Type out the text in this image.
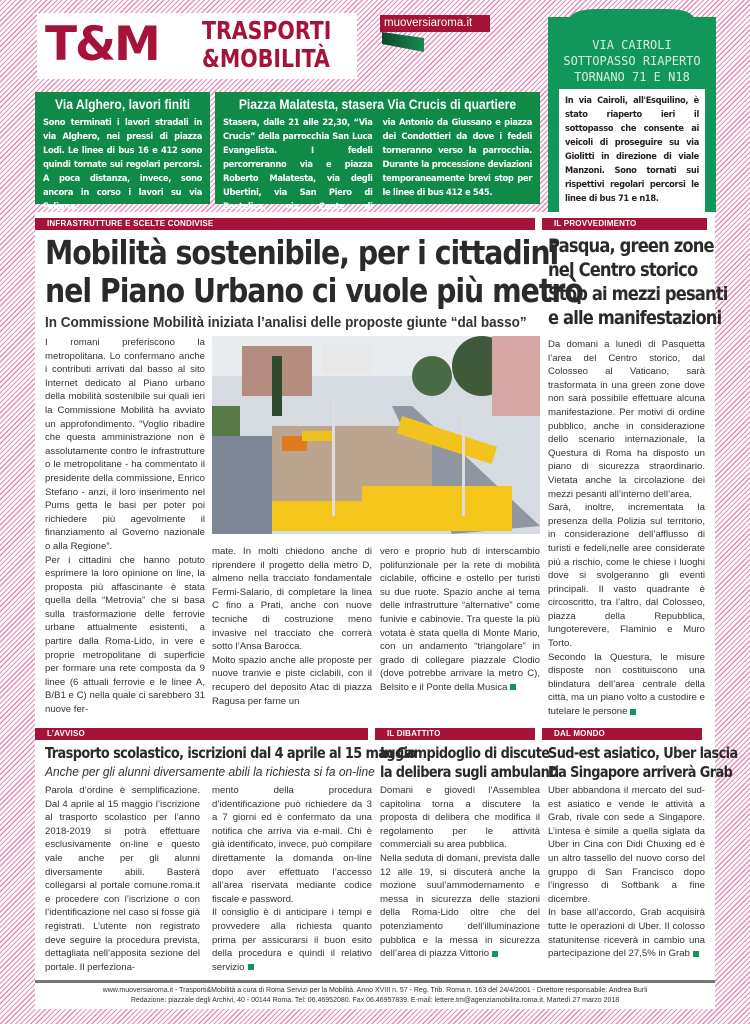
T&M TRASPORTI
&MOBILITÀ
muoversiaroma.it
VIA CAIROLI
SOTTOPASSO RIAPERTO
TORNANO 71 E N18
In via Cairoli, all'Esquilino, è stato riaperto ieri il sottopasso che consente ai veicoli di proseguire su via Giolitti in direzione di viale Manzoni. Sono tornati sui rispettivi regolari percorsi le linee di bus 71 e n18.
Via Alghero, lavori finiti
Sono terminati i lavori stradali in via Alghero, nei pressi di piazza Lodi. Le linee di bus 16 e 412 sono quindi tornate sui regolari percorsi. A poca distanza, invece, sono ancora in corso i lavori su via Foligno.
Piazza Malatesta, stasera Via Crucis di quartiere
Stasera, dalle 21 alle 22,30, “Via Crucis” della parrocchia San Luca Evangelista. I fedeli percorreranno via e piazza Roberto Malatesta, via degli Ubertini, via San Piero di Bastelica, via Conte di
via Antonio da Giussano e piazza dei Condottieri da dove i fedeli torneranno verso la parrocchia. Durante la processione deviazioni temporaneamente brevi stop per le linee di bus 412 e 545.
INFRASTRUTTURE E SCELTE CONDIVISE
Mobilità sostenibile, per i cittadini
nel Piano Urbano ci vuole più metrò
In Commissione Mobilità iniziata l’analisi delle proposte giunte “dal basso”

I romani preferiscono la metropolitana. Lo confermano anche i contributi arrivati dal basso al sito Internet dedicato al Piano urbano della mobilità sostenibile sui quali ieri la Commissione Mobilità ha avviato un approfondimento. “Voglio ribadire che questa amministrazione non è assolutamente contro le infrastrutture o le metropolitane - ha commentato il presidente della commissione, Enrico Stefano - anzi, il loro inserimento nel Pums getta le basi per poter poi richiedere più agevolmente il finanziamento al Governo nazionale o alla Regione”.

Per i cittadini che hanno potuto esprimere la loro opinione on line, la proposta più affascinante è stata quella della “Metrovia” che si basa sulla trasformazione delle ferrovie urbane attualmente esistenti, a partire dalla Roma-Lido, in vere e proprie metropolitane di superficie per formare una rete composta da 9 linee (6 attuali ferrovie e le linee A, B/B1 e C) nella quale ci sarebbero 31 nuove fer-

mate. In molti chiedono anche di riprendere il progetto della metro D, almeno nella tracciato fondamentale Fermi-Salario, di completare la linea C fino a Prati, anche con nuove tecniche di costruzione meno invasive nel tracciato che correrà sotto l’Ansa Barocca.

Molto spazio anche alle proposte per nuove tranvie e piste ciclabili, con il recupero del deposito Atac di piazza Ragusa per farne un

vero e proprio hub di interscambio polifunzionale per la rete di mobilità ciclabile, officine e ostello per turisti su due ruote. Spazio anche al tema delle infrastrutture “alternative” come funivie e cabinovie. Tra queste la più votata è stata quella di Monte Mario, con un andamento “triangolare” in grado di collegare piazzale Clodio (dove potrebbe arrivare la metro C), Belsito e il Ponte della Musica

IL PROVVEDIMENTO
Pasqua, green zone
nel Centro storico
Stop ai mezzi pesanti
e alle manifestazioni

Da domani a lunedì di Pasquetta l’area del Centro storico, dal Colosseo al Vaticano, sarà trasformata in una green zone dove non sarà possibile effettuare alcuna manifestazione. Per motivi di ordine pubblico, anche in considerazione dello scenario internazionale, la Questura di Roma ha disposto un piano di sicurezza straordinario. Vietata anche la circolazione dei mezzi pesanti all’interno dell’area.

Sarà, inoltre, incrementata la presenza della Polizia sul territorio, in considerazione dell’afflusso di turisti e fedeli,nelle aree considerate più a rischio, come le chiese i luoghi dove si svolgeranno gli eventi principali. Il vasto quadrante è circoscritto, tra l’altro, dal Colosseo, piazza della Repubblica, lungoterevere, Flaminio e Muro Torto.

Secondo la Questura, le misure disposte non costituiscono una blindatura dell’area centrale della città, ma un piano volto a custodire e tutelare le persone

L’AVVISO
Trasporto scolastico, iscrizioni dal 4 aprile al 15 maggio
Anche per gli alunni diversamente abili la richiesta si fa on-line

Parola d’ordine è semplificazione. Dal 4 aprile al 15 maggio l’iscrizione al trasporto scolastico per l’anno 2018-2019 si potrà effettuare esclusivamente on-line e questo vale anche per gli alunni diversamente abili. Basterà collegarsi al portale comune.roma.it e procedere con l’iscrizione o con l’identificazione nel caso si fosse già registrati. L’utente non registrato deve seguire la procedura prevista, dettagliata nell’apposita sezione del portale. Il perfeziona-

mento della procedura d’identificazione può richiedere da 3 a 7 giorni ed è confermato da una notifica che arriva via e-mail. Chi è già identificato, invece, può compilare direttamente la domanda on-line dopo aver effettuato l’accesso all’area riservata mediante codice fiscale e password.

Il consiglio è di anticipare i tempi e provvedere alla richiesta quanto prima per assicurarsi il buon esito della procedura e quindi il relativo servizio

IL DIBATTITO
In Campidoglio di discute
la delibera sugli ambulanti

Domani e giovedì l’Assemblea capitolina torna a discutere la proposta di delibera che modifica il regolamento per le attività commerciali su area pubblica.

Nella seduta di domani, prevista dalle 12 alle 19, si discuterà anche la mozione suul’ammodernamento e messa in sicurezza delle stazioni della Roma-Lido oltre che del potenziamento dell’illuminazione pubblica e la messa in sicurezza dell’area di piazza Vittorio

DAL MONDO
Sud-est asiatico, Uber lascia
Da Singapore arriverà Grab

Uber abbandona il mercato del sud-est asiatico e vende le attività a Grab, rivale con sede a Singapore. L’intesa è simile a quella siglata da Uber in Cina con Didi Chuxing ed è un altro tassello del nuovo corso del gruppo di San Francisco dopo l’ingresso di Softbank a fine dicembre.

In base all’accordo, Grab acquisirà tutte le operazioni di Uber. Il colosso statunitense riceverà in cambio una partecipazione del 27,5% in Grab

www.muoversiaroma.it - Trasporti&Mobilità a cura di Roma Servizi per la Mobilità. Anno XVIII n. 57 - Reg. Trib. Roma n. 163 del 24/4/2001 - Direttore responsabile: Andrea Burli
Redazione: piazzale degli Archivi, 40 - 00144 Roma. Tel: 06.46952080. Fax 06.46957839. E-mail: lettere.tm@agenziamobilita.roma.it. Martedì 27 marzo 2018
